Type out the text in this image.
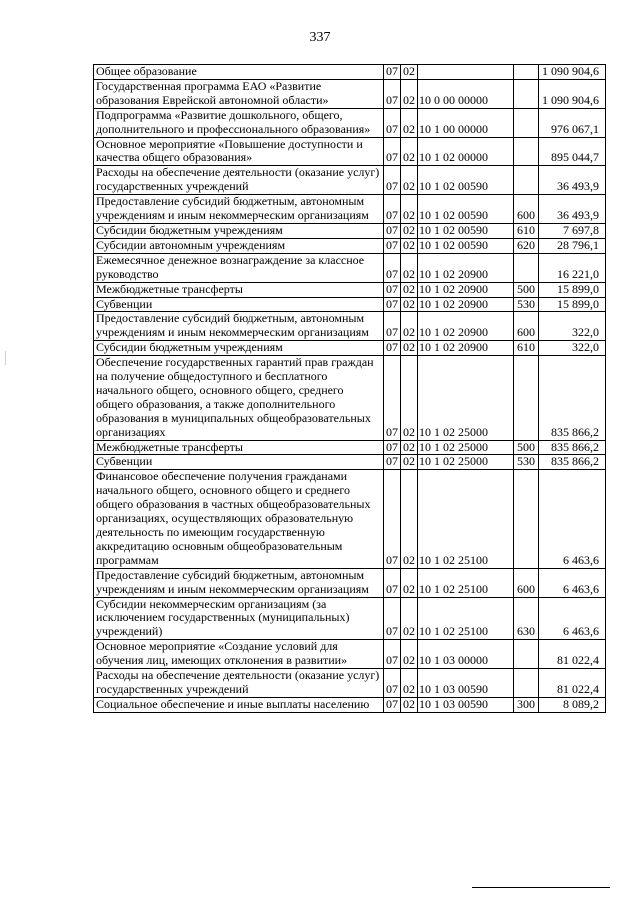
337
Общее образование	07	02			1 090 904,6
Государственная программа ЕАО «Развитие образования Еврейской автономной области»	07	02	10 0 00 00000		1 090 904,6
Подпрограмма «Развитие дошкольного, общего, дополнительного и профессионального образования»	07	02	10 1 00 00000		976 067,1
Основное мероприятие «Повышение доступности и качества общего образования»	07	02	10 1 02 00000		895 044,7
Расходы на обеспечение деятельности (оказание услуг) государственных учреждений	07	02	10 1 02 00590		36 493,9
Предоставление субсидий бюджетным, автономным учреждениям и иным некоммерческим организациям	07	02	10 1 02 00590	600	36 493,9
Субсидии бюджетным учреждениям	07	02	10 1 02 00590	610	7 697,8
Субсидии автономным учреждениям	07	02	10 1 02 00590	620	28 796,1
Ежемесячное денежное вознаграждение за классное руководство	07	02	10 1 02 20900		16 221,0
Межбюджетные трансферты	07	02	10 1 02 20900	500	15 899,0
Субвенции	07	02	10 1 02 20900	530	15 899,0
Предоставление субсидий бюджетным, автономным учреждениям и иным некоммерческим организациям	07	02	10 1 02 20900	600	322,0
Субсидии бюджетным учреждениям	07	02	10 1 02 20900	610	322,0
Обеспечение государственных гарантий прав граждан на получение общедоступного и бесплатного начального общего, основного общего, среднего общего образования, а также дополнительного образования в муниципальных общеобразовательных организациях	07	02	10 1 02 25000		835 866,2
Межбюджетные трансферты	07	02	10 1 02 25000	500	835 866,2
Субвенции	07	02	10 1 02 25000	530	835 866,2
Финансовое обеспечение получения гражданами начального общего, основного общего и среднего общего образования в частных общеобразовательных организациях, осуществляющих образовательную деятельность по имеющим государственную аккредитацию основным общеобразовательным программам	07	02	10 1 02 25100		6 463,6
Предоставление субсидий бюджетным, автономным учреждениям и иным некоммерческим организациям	07	02	10 1 02 25100	600	6 463,6
Субсидии некоммерческим организациям (за исключением государственных (муниципальных) учреждений)	07	02	10 1 02 25100	630	6 463,6
Основное мероприятие «Создание условий для обучения лиц, имеющих отклонения в развитии»	07	02	10 1 03 00000		81 022,4
Расходы на обеспечение деятельности (оказание услуг) государственных учреждений	07	02	10 1 03 00590		81 022,4
Социальное обеспечение и иные выплаты населению	07	02	10 1 03 00590	300	8 089,2
